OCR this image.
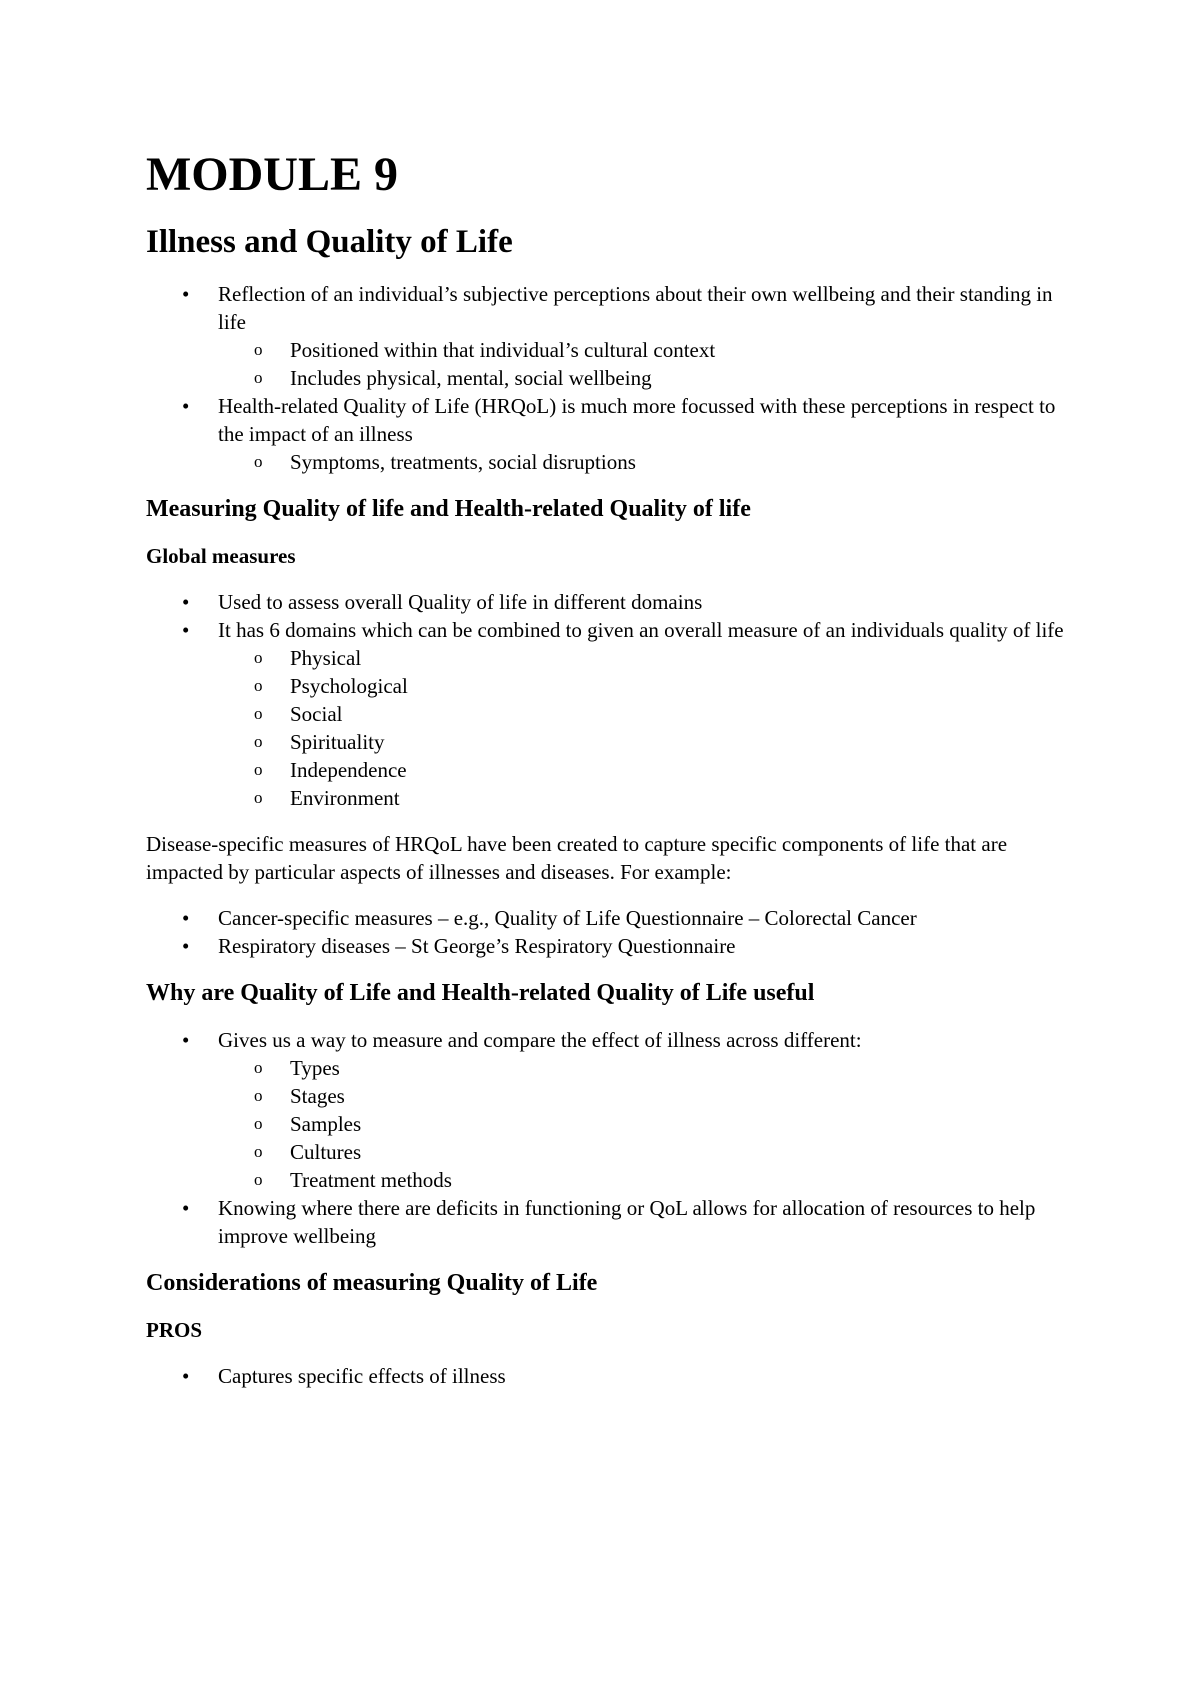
MODULE 9
Illness and Quality of Life
• Reflection of an individual’s subjective perceptions about their own wellbeing and their standing in life
o Positioned within that individual’s cultural context
o Includes physical, mental, social wellbeing
• Health-related Quality of Life (HRQoL) is much more focussed with these perceptions in respect to the impact of an illness
o Symptoms, treatments, social disruptions
Measuring Quality of life and Health-related Quality of life
Global measures
• Used to assess overall Quality of life in different domains
• It has 6 domains which can be combined to given an overall measure of an individuals quality of life
o Physical
o Psychological
o Social
o Spirituality
o Independence
o Environment

Disease-specific measures of HRQoL have been created to capture specific components of life that are impacted by particular aspects of illnesses and diseases. For example:

• Cancer-specific measures – e.g., Quality of Life Questionnaire – Colorectal Cancer
• Respiratory diseases – St George’s Respiratory Questionnaire
Why are Quality of Life and Health-related Quality of Life useful
• Gives us a way to measure and compare the effect of illness across different:
o Types
o Stages
o Samples
o Cultures
o Treatment methods
• Knowing where there are deficits in functioning or QoL allows for allocation of resources to help improve wellbeing
Considerations of measuring Quality of Life
PROS
• Captures specific effects of illness
